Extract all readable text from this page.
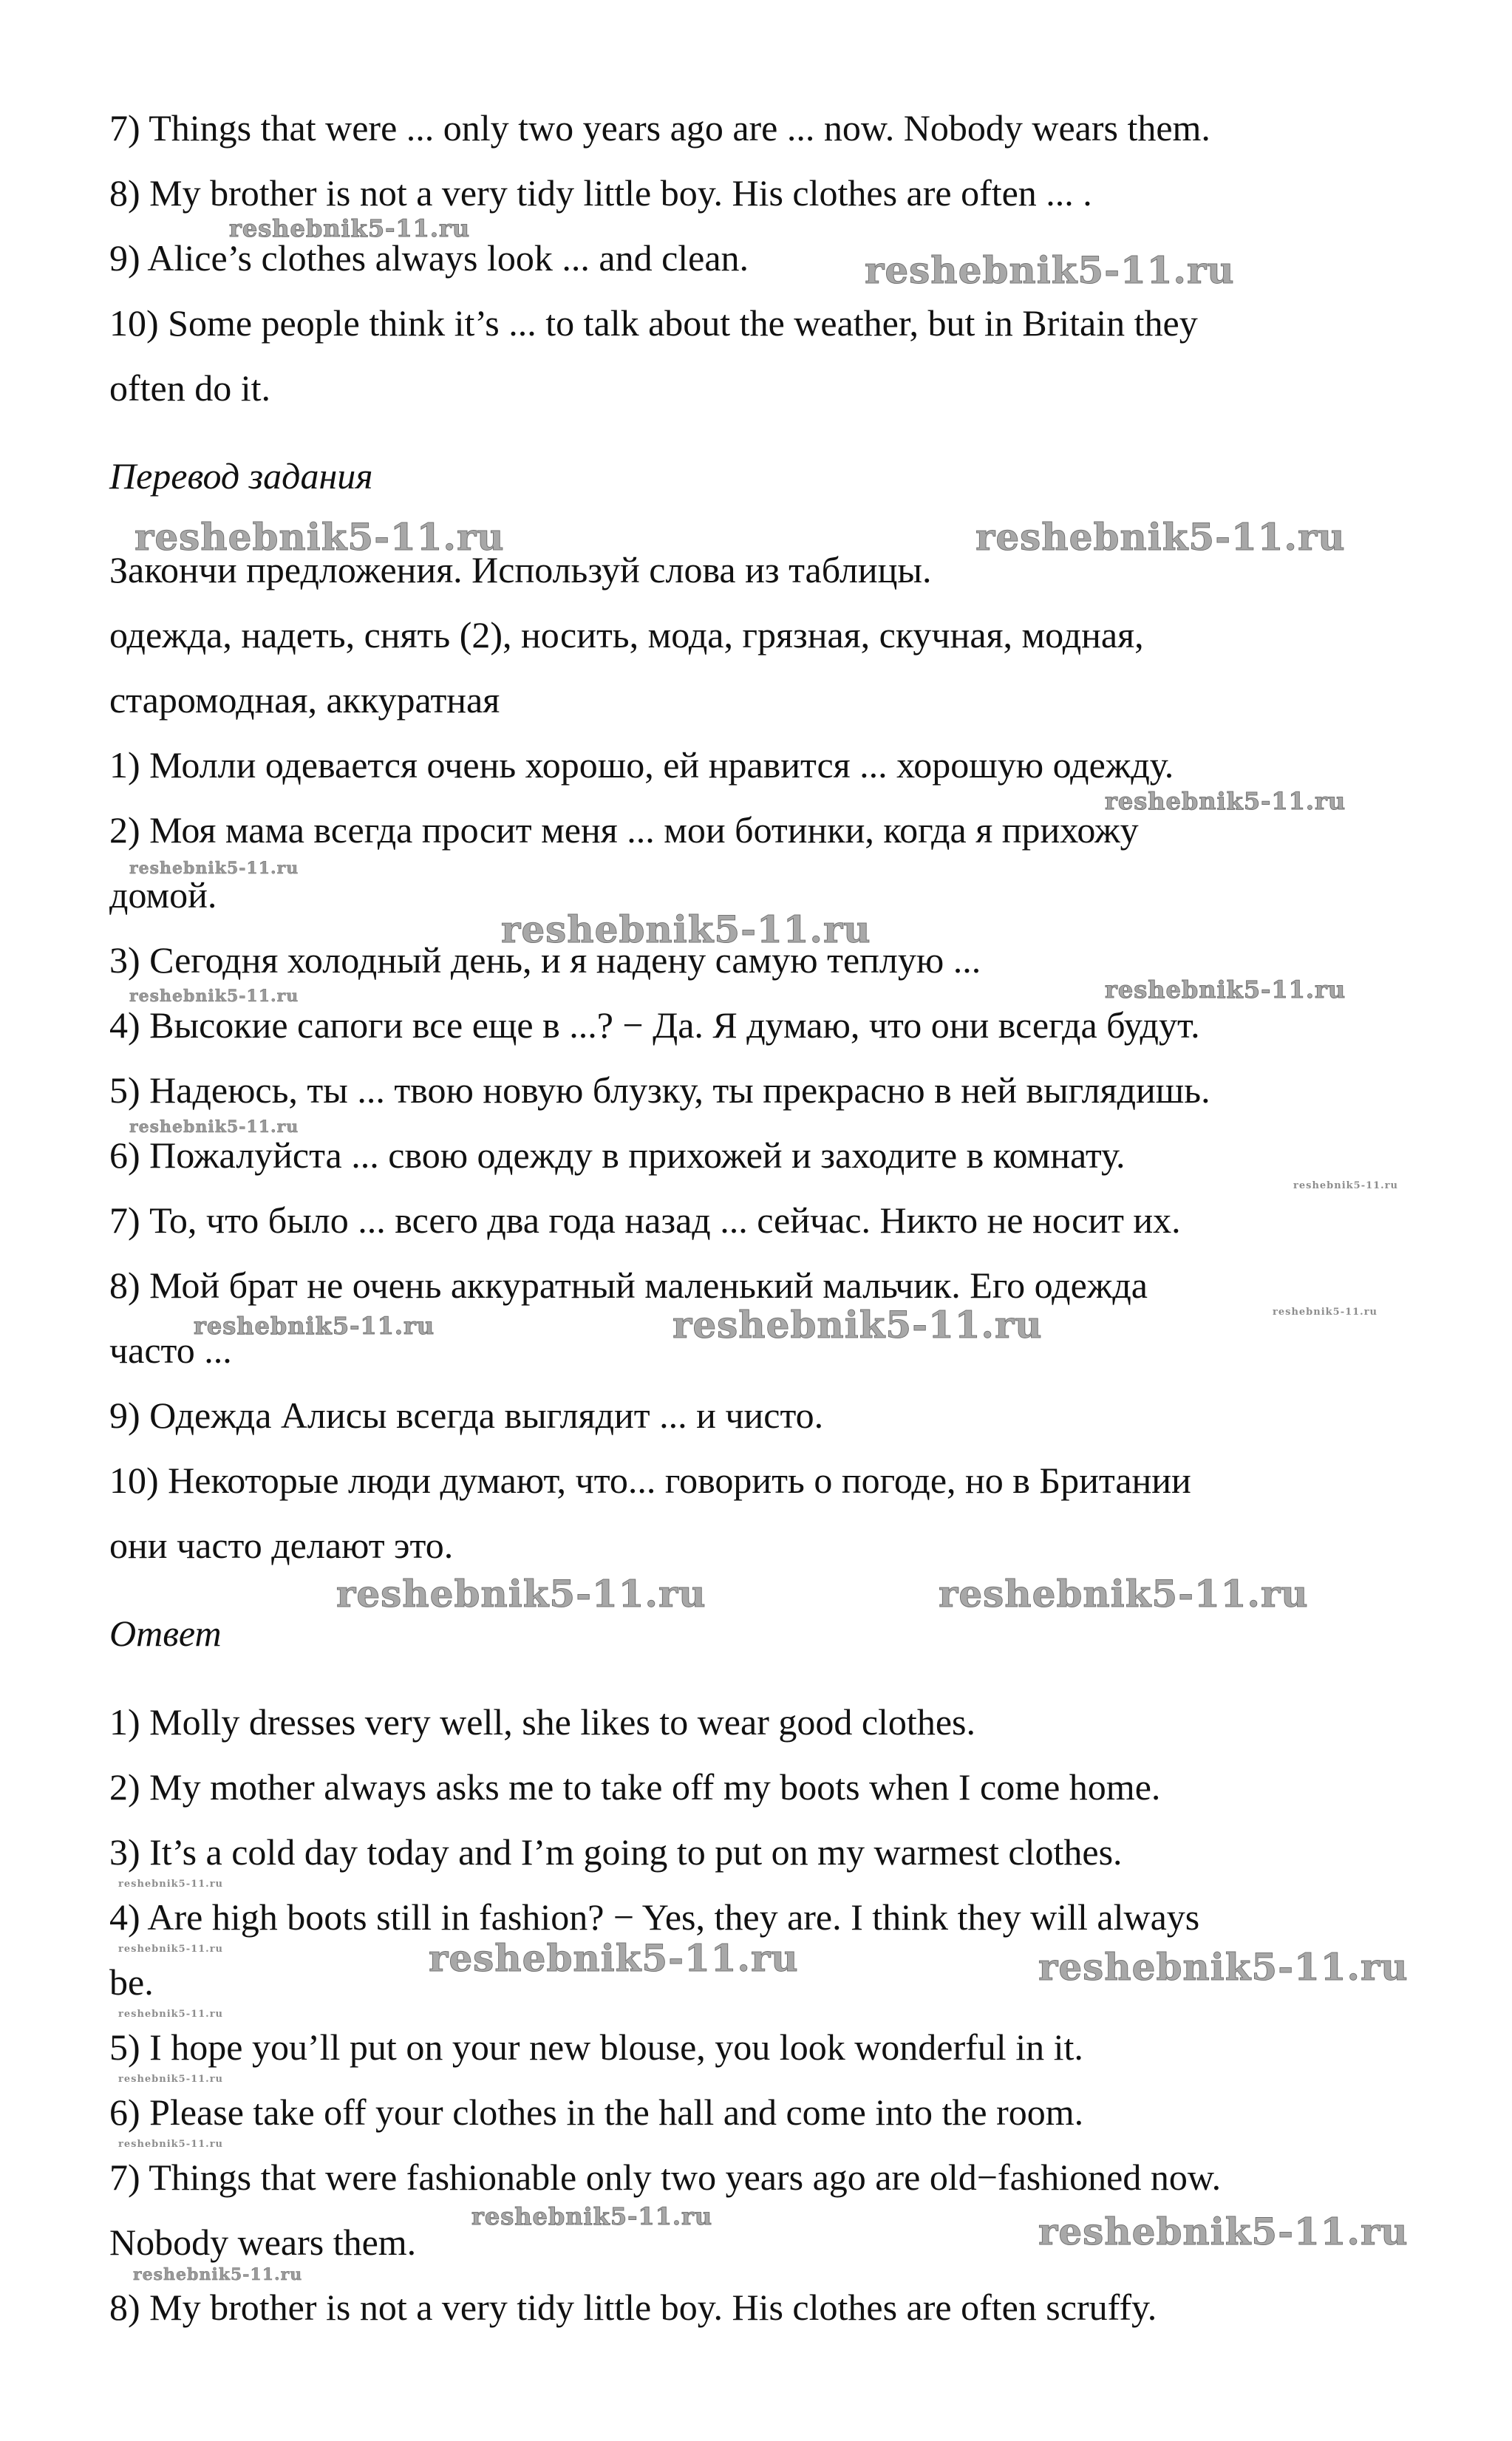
7) Things that were ... only two years ago are ... now. Nobody wears them.
8) My brother is not a very tidy little boy. His clothes are often ... .
9) Alice’s clothes always look ... and clean.
10) Some people think it’s ... to talk about the weather, but in Britain they
often do it.
Перевод задания
Закончи предложения. Используй слова из таблицы.
одежда, надеть, снять (2), носить, мода, грязная, скучная, модная,
старомодная, аккуратная
1) Молли одевается очень хорошо, ей нравится ... хорошую одежду.
2) Моя мама всегда просит меня ... мои ботинки, когда я прихожу
домой.
3) Сегодня холодный день, и я надену самую теплую ...
4) Высокие сапоги все еще в ...? − Да. Я думаю, что они всегда будут.
5) Надеюсь, ты ... твою новую блузку, ты прекрасно в ней выглядишь.
6) Пожалуйста ... свою одежду в прихожей и заходите в комнату.
7) То, что было ... всего два года назад ... сейчас. Никто не носит их.
8) Мой брат не очень аккуратный маленький мальчик. Его одежда
часто ...
9) Одежда Алисы всегда выглядит ... и чисто.
10) Некоторые люди думают, что... говорить о погоде, но в Британии
они часто делают это.
Ответ
1) Molly dresses very well, she likes to wear good clothes.
2) My mother always asks me to take off my boots when I come home.
3) It’s a cold day today and I’m going to put on my warmest clothes.
4) Are high boots still in fashion? − Yes, they are. I think they will always
be.
5) I hope you’ll put on your new blouse, you look wonderful in it.
6) Please take off your clothes in the hall and come into the room.
7) Things that were fashionable only two years ago are old−fashioned now.
Nobody wears them.
8) My brother is not a very tidy little boy. His clothes are often scruffy.
reshebnik5-11.ru
reshebnik5-11.ru
reshebnik5-11.ru	reshebnik5-11.ru
reshebnik5-11.ru
reshebnik5-11.ru
reshebnik5-11.ru
reshebnik5-11.ru	reshebnik5-11.ru
reshebnik5-11.ru
reshebnik5-11.ru
reshebnik5-11.ru
reshebnik5-11.ru	reshebnik5-11.ru
reshebnik5-11.ru	reshebnik5-11.ru
reshebnik5-11.ru
reshebnik5-11.ru	reshebnik5-11.ru	reshebnik5-11.ru
reshebnik5-11.ru
reshebnik5-11.ru
reshebnik5-11.ru
reshebnik5-11.ru	reshebnik5-11.ru
reshebnik5-11.ru
